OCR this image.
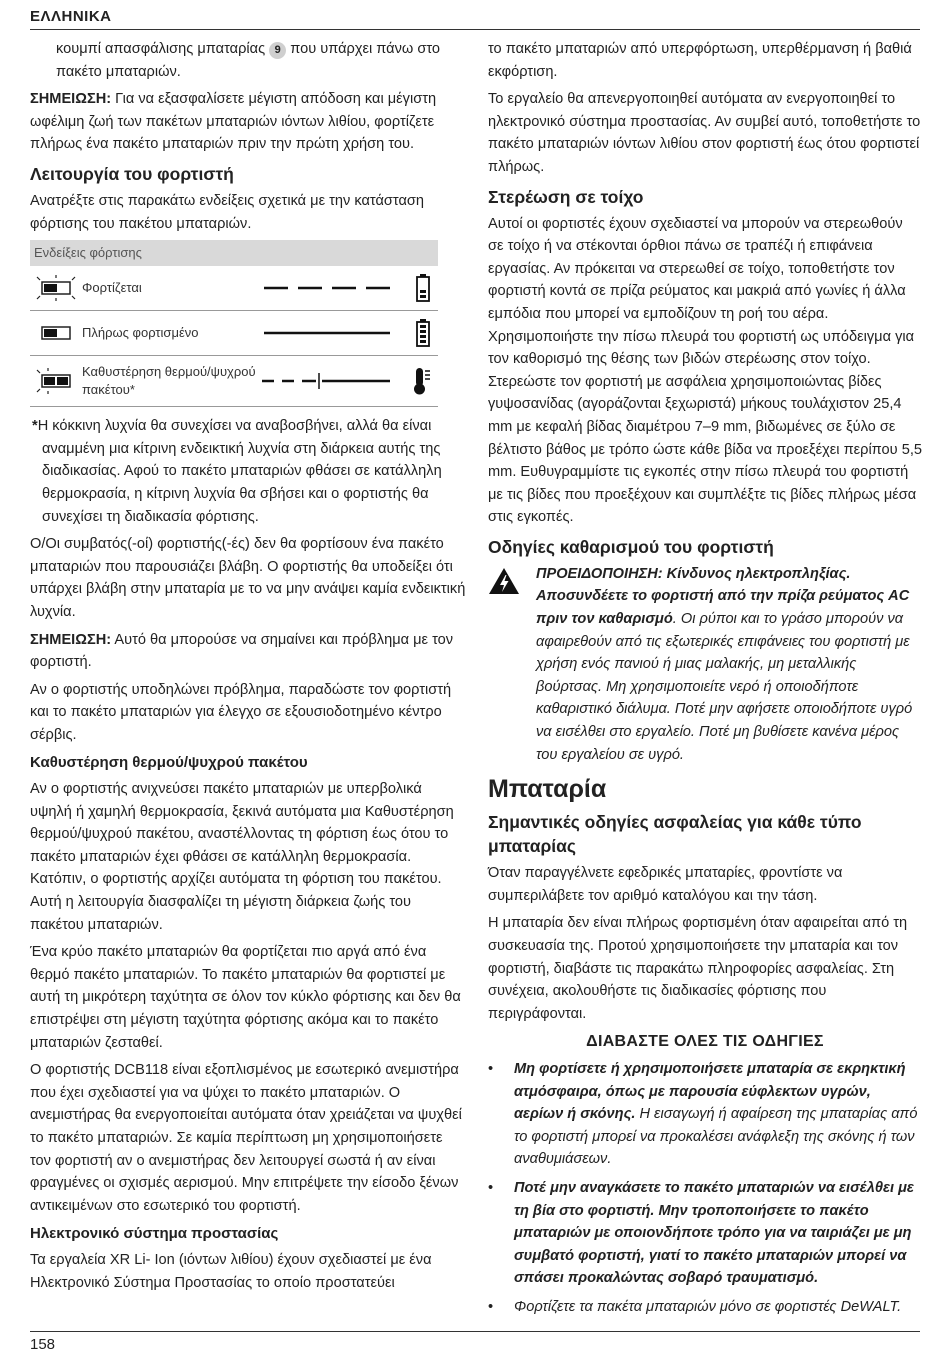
ΕΛΛΗΝΙΚΑ

κουμπί απασφάλισης μπαταρίας 9 που υπάρχει πάνω στο πακέτο μπαταριών.

ΣΗΜΕΙΩΣΗ: Για να εξασφαλίσετε μέγιστη απόδοση και μέγιστη ωφέλιμη ζωή των πακέτων μπαταριών ιόντων λιθίου, φορτίζετε πλήρως ένα πακέτο μπαταριών πριν την πρώτη χρήση του.

Λειτουργία του φορτιστή

Ανατρέξτε στις παρακάτω ενδείξεις σχετικά με την κατάσταση φόρτισης του πακέτου μπαταριών.

Ενδείξεις φόρτισης
Φορτίζεται
Πλήρως φορτισμένο
Καθυστέρηση θερμού/ψυχρού πακέτου*

*Η κόκκινη λυχνία θα συνεχίσει να αναβοσβήνει, αλλά θα είναι αναμμένη μια κίτρινη ενδεικτική λυχνία στη διάρκεια αυτής της διαδικασίας. Αφού το πακέτο μπαταριών φθάσει σε κατάλληλη θερμοκρασία, η κίτρινη λυχνία θα σβήσει και ο φορτιστής θα συνεχίσει τη διαδικασία φόρτισης.

Ο/Οι συμβατός(-οί) φορτιστής(-ές) δεν θα φορτίσουν ένα πακέτο μπαταριών που παρουσιάζει βλάβη. Ο φορτιστής θα υποδείξει ότι υπάρχει βλάβη στην μπαταρία με το να μην ανάψει καμία ενδεικτική λυχνία.

ΣΗΜΕΙΩΣΗ: Αυτό θα μπορούσε να σημαίνει και πρόβλημα με τον φορτιστή.

Αν ο φορτιστής υποδηλώνει πρόβλημα, παραδώστε τον φορτιστή και το πακέτο μπαταριών για έλεγχο σε εξουσιοδοτημένο κέντρο σέρβις.

Καθυστέρηση θερμού/ψυχρού πακέτου

Αν ο φορτιστής ανιχνεύσει πακέτο μπαταριών με υπερβολικά υψηλή ή χαμηλή θερμοκρασία, ξεκινά αυτόματα μια Καθυστέρηση θερμού/ψυχρού πακέτου, αναστέλλοντας τη φόρτιση έως ότου το πακέτο μπαταριών έχει φθάσει σε κατάλληλη θερμοκρασία. Κατόπιν, ο φορτιστής αρχίζει αυτόματα τη φόρτιση του πακέτου. Αυτή η λειτουργία διασφαλίζει τη μέγιστη διάρκεια ζωής του πακέτου μπαταριών.

Ένα κρύο πακέτο μπαταριών θα φορτίζεται πιο αργά από ένα θερμό πακέτο μπαταριών. Το πακέτο μπαταριών θα φορτιστεί με αυτή τη μικρότερη ταχύτητα σε όλον τον κύκλο φόρτισης και δεν θα επιστρέψει στη μέγιστη ταχύτητα φόρτισης ακόμα και το πακέτο μπαταριών ζεσταθεί.

Ο φορτιστής DCB118 είναι εξοπλισμένος με εσωτερικό ανεμιστήρα που έχει σχεδιαστεί για να ψύχει το πακέτο μπαταριών. Ο ανεμιστήρας θα ενεργοποιείται αυτόματα όταν χρειάζεται να ψυχθεί το πακέτο μπαταριών. Σε καμία περίπτωση μη χρησιμοποιήσετε τον φορτιστή αν ο ανεμιστήρας δεν λειτουργεί σωστά ή αν είναι φραγμένες οι σχισμές αερισμού. Μην επιτρέψετε την είσοδο ξένων αντικειμένων στο εσωτερικό του φορτιστή.

Ηλεκτρονικό σύστημα προστασίας

Τα εργαλεία XR Li- Ion (ιόντων λιθίου) έχουν σχεδιαστεί με ένα Ηλεκτρονικό Σύστημα Προστασίας το οποίο προστατεύει

το πακέτο μπαταριών από υπερφόρτωση, υπερθέρμανση ή βαθιά εκφόρτιση.

Το εργαλείο θα απενεργοποιηθεί αυτόματα αν ενεργοποιηθεί το ηλεκτρονικό σύστημα προστασίας. Αν συμβεί αυτό, τοποθετήστε το πακέτο μπαταριών ιόντων λιθίου στον φορτιστή έως ότου φορτιστεί πλήρως.

Στερέωση σε τοίχο

Αυτοί οι φορτιστές έχουν σχεδιαστεί να μπορούν να στερεωθούν σε τοίχο ή να στέκονται όρθιοι πάνω σε τραπέζι ή επιφάνεια εργασίας. Αν πρόκειται να στερεωθεί σε τοίχο, τοποθετήστε τον φορτιστή κοντά σε πρίζα ρεύματος και μακριά από γωνίες ή άλλα εμπόδια που μπορεί να εμποδίζουν τη ροή του αέρα. Χρησιμοποιήστε την πίσω πλευρά του φορτιστή ως υπόδειγμα για τον καθορισμό της θέσης των βιδών στερέωσης στον τοίχο. Στερεώστε τον φορτιστή με ασφάλεια χρησιμοποιώντας βίδες γυψοσανίδας (αγοράζονται ξεχωριστά) μήκους τουλάχιστον 25,4 mm με κεφαλή βίδας διαμέτρου 7–9 mm, βιδωμένες σε ξύλο σε βέλτιστο βάθος με τρόπο ώστε κάθε βίδα να προεξέχει περίπου 5,5 mm. Ευθυγραμμίστε τις εγκοπές στην πίσω πλευρά του φορτιστή με τις βίδες που προεξέχουν και συμπλέξτε τις βίδες πλήρως μέσα στις εγκοπές.

Οδηγίες καθαρισμού του φορτιστή
ΠΡΟΕΙΔΟΠΟΙΗΣΗ: Κίνδυνος ηλεκτροπληξίας. Αποσυνδέετε το φορτιστή από την πρίζα ρεύματος AC πριν τον καθαρισμό. Οι ρύποι και το γράσο μπορούν να αφαιρεθούν από τις εξωτερικές επιφάνειες του φορτιστή με χρήση ενός πανιού ή μιας μαλακής, μη μεταλλικής βούρτσας. Μη χρησιμοποιείτε νερό ή οποιοδήποτε καθαριστικό διάλυμα. Ποτέ μην αφήσετε οποιοδήποτε υγρό να εισέλθει στο εργαλείο. Ποτέ μη βυθίσετε κανένα μέρος του εργαλείου σε υγρό.
Μπαταρία
Σημαντικές οδηγίες ασφαλείας για κάθε τύπο μπαταρίας

Όταν παραγγέλνετε εφεδρικές μπαταρίες, φροντίστε να συμπεριλάβετε τον αριθμό καταλόγου και την τάση.

Η μπαταρία δεν είναι πλήρως φορτισμένη όταν αφαιρείται από τη συσκευασία της. Προτού χρησιμοποιήσετε την μπαταρία και τον φορτιστή, διαβάστε τις παρακάτω πληροφορίες ασφαλείας. Στη συνέχεια, ακολουθήστε τις διαδικασίες φόρτισης που περιγράφονται.

ΔΙΑΒΑΣΤΕ ΟΛΕΣ ΤΙΣ ΟΔΗΓΙΕΣ
• Μη φορτίσετε ή χρησιμοποιήσετε μπαταρία σε εκρηκτική ατμόσφαιρα, όπως με παρουσία εύφλεκτων υγρών, αερίων ή σκόνης. Η εισαγωγή ή αφαίρεση της μπαταρίας από το φορτιστή μπορεί να προκαλέσει ανάφλεξη της σκόνης ή των αναθυμιάσεων.
• Ποτέ μην αναγκάσετε το πακέτο μπαταριών να εισέλθει με τη βία στο φορτιστή. Μην τροποποιήσετε το πακέτο μπαταριών με οποιονδήποτε τρόπο για να ταιριάζει με μη συμβατό φορτιστή, γιατί το πακέτο μπαταριών μπορεί να σπάσει προκαλώντας σοβαρό τραυματισμό.
• Φορτίζετε τα πακέτα μπαταριών μόνο σε φορτιστές DeWALT.
158
